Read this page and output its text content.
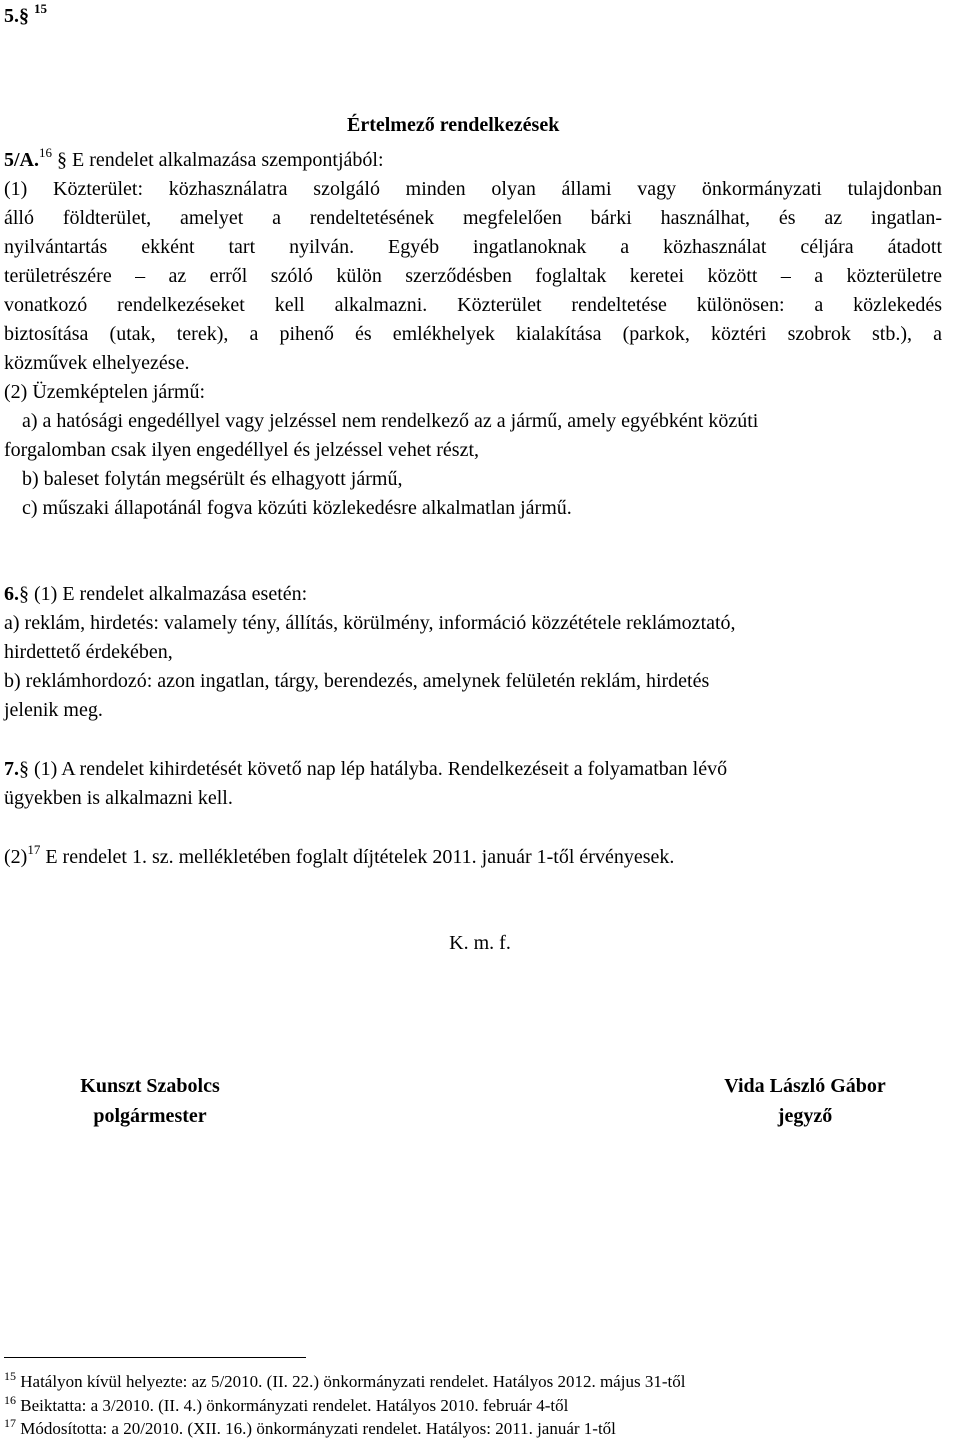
5.§ $^{15}$
Értelmező rendelkezések
5/A.$^{16}$ § E rendelet alkalmazása szempontjából:
(1) Közterület: közhasználatra szolgáló minden olyan állami vagy önkormányzati tulajdonban
álló földterület, amelyet a rendeltetésének megfelelően bárki használhat, és az ingatlan-
nyilvántartás ekként tart nyilván. Egyéb ingatlanoknak a közhasználat céljára átadott
területrészére – az erről szóló külön szerződésben foglaltak keretei között – a közterületre
vonatkozó rendelkezéseket kell alkalmazni. Közterület rendeltetése különösen: a közlekedés
biztosítása (utak, terek), a pihenő és emlékhelyek kialakítása (parkok, köztéri szobrok stb.), a
közművek elhelyezése.
(2) Üzemképtelen jármű:
a) a hatósági engedéllyel vagy jelzéssel nem rendelkező az a jármű, amely egyébként közúti
forgalomban csak ilyen engedéllyel és jelzéssel vehet részt,
b) baleset folytán megsérült és elhagyott jármű,
c) műszaki állapotánál fogva közúti közlekedésre alkalmatlan jármű.
6.§ (1) E rendelet alkalmazása esetén:
a) reklám, hirdetés: valamely tény, állítás, körülmény, információ közzététele reklámoztató,
hirdettető érdekében,
b) reklámhordozó: azon ingatlan, tárgy, berendezés, amelynek felületén reklám, hirdetés
jelenik meg.
7.§ (1) A rendelet kihirdetését követő nap lép hatályba. Rendelkezéseit a folyamatban lévő
ügyekben is alkalmazni kell.
$(2)^{17}$ E rendelet 1. sz. mellékletében foglalt díjtételek 2011. január 1-től érvényesek.
K. m. f.
Kunszt Szabolcs
polgármester
Vida László Gábor
jegyző
$^{15}$ Hatályon kívül helyezte: az 5/2010. (II. 22.) önkormányzati rendelet. Hatályos 2012. május 31-től
$^{16}$ Beiktatta: a 3/2010. (II. 4.) önkormányzati rendelet. Hatályos 2010. február 4-től
$^{17}$ Módosította: a 20/2010. (XII. 16.) önkormányzati rendelet. Hatályos: 2011. január 1-től
